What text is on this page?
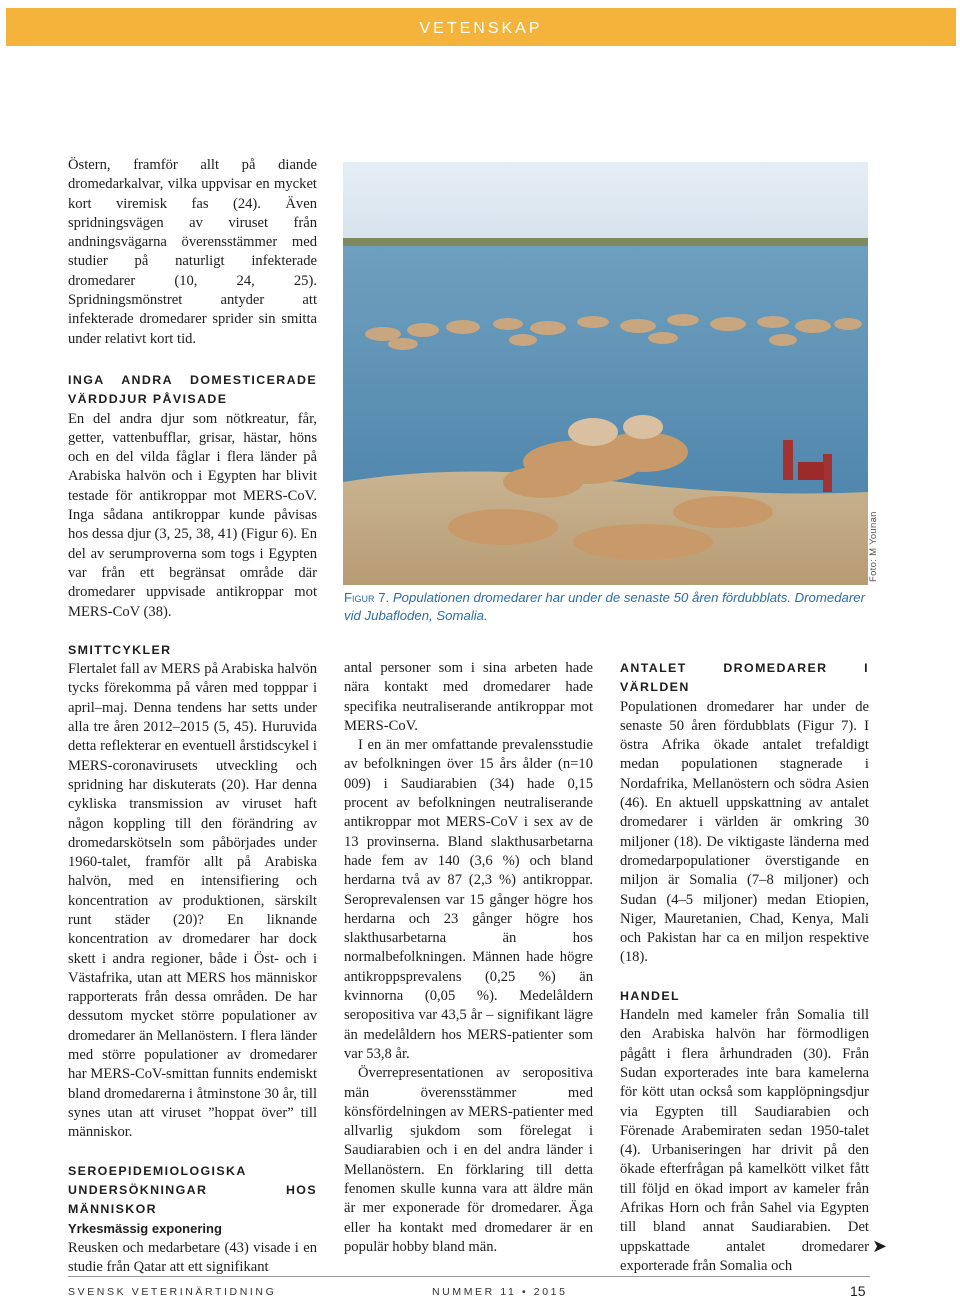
VETENSKAP

Östern, framför allt på diande dromedarkalvar, vilka uppvisar en mycket kort viremisk fas (24). Även spridningsvägen av viruset från andningsvägarna överensstämmer med studier på naturligt infekterade dromedarer (10, 24, 25). Spridningsmönstret antyder att infekterade dromedarer sprider sin smitta under relativt kort tid.

INGA ANDRA DOMESTICERADE VÄRDDJUR PÅVISADE

En del andra djur som nötkreatur, får, getter, vattenbufflar, grisar, hästar, höns och en del vilda fåglar i flera länder på Arabiska halvön och i Egypten har blivit testade för antikroppar mot MERS-CoV. Inga sådana antikroppar kunde påvisas hos dessa djur (3, 25, 38, 41) (Figur 6). En del av serumproverna som togs i Egypten var från ett begränsat område där dromedarer uppvisade antikroppar mot MERS-CoV (38).

SMITTCYKLER

Flertalet fall av MERS på Arabiska halvön tycks förekomma på våren med topppar i april–maj. Denna tendens har setts under alla tre åren 2012–2015 (5, 45). Huruvida detta reflekterar en eventuell årstidscykel i MERS-coronavirusets utveckling och spridning har diskuterats (20). Har denna cykliska transmission av viruset haft någon koppling till den förändring av dromedarskötseln som påbörjades under 1960-talet, framför allt på Arabiska halvön, med en intensifiering och koncentration av produktionen, särskilt runt städer (20)? En liknande koncentration av dromedarer har dock skett i andra regioner, både i Öst- och i Västafrika, utan att MERS hos människor rapporterats från dessa områden. De har dessutom mycket större populationer av dromedarer än Mellanöstern. I flera länder med större populationer av dromedarer har MERS-CoV-smittan funnits endemiskt bland dromedarerna i åtminstone 30 år, till synes utan att viruset ”hoppat över” till människor.

SEROEPIDEMIOLOGISKA UNDERSÖKNINGAR HOS MÄNNISKOR
Yrkesmässig exponering

Reusken och medarbetare (43) visade i en studie från Qatar att ett signifikant

Foto: M Younan
Figur 7. Populationen dromedarer har under de senaste 50 åren fördubblats. Dromedarer vid Jubafloden, Somalia.

antal personer som i sina arbeten hade nära kontakt med dromedarer hade specifika neutraliserande antikroppar mot MERS-CoV.

I en än mer omfattande prevalensstudie av befolkningen över 15 års ålder (n=10 009) i Saudiarabien (34) hade 0,15 procent av befolkningen neutraliserande antikroppar mot MERS-CoV i sex av de 13 provinserna. Bland slakthusarbetarna hade fem av 140 (3,6 %) och bland herdarna två av 87 (2,3 %) antikroppar. Seroprevalensen var 15 gånger högre hos herdarna och 23 gånger högre hos slakthusarbetarna än hos normalbefolkningen. Männen hade högre antikroppsprevalens (0,25 %) än kvinnorna (0,05 %). Medelåldern seropositiva var 43,5 år – signifikant lägre än medelåldern hos MERS-patienter som var 53,8 år.

Överrepresentationen av seropositiva män överensstämmer med könsfördelningen av MERS-patienter med allvarlig sjukdom som förelegat i Saudiarabien och i en del andra länder i Mellanöstern. En förklaring till detta fenomen skulle kunna vara att äldre män är mer exponerade för dromedarer. Äga eller ha kontakt med dromedarer är en populär hobby bland män.

ANTALET DROMEDARER I VÄRLDEN

Populationen dromedarer har under de senaste 50 åren fördubblats (Figur 7). I östra Afrika ökade antalet trefaldigt medan populationen stagnerade i Nordafrika, Mellanöstern och södra Asien (46). En aktuell uppskattning av antalet dromedarer i världen är omkring 30 miljoner (18). De viktigaste länderna med dromedarpopulationer överstigande en miljon är Somalia (7–8 miljoner) och Sudan (4–5 miljoner) medan Etiopien, Niger, Mauretanien, Chad, Kenya, Mali och Pakistan har ca en miljon respektive (18).

HANDEL

Handeln med kameler från Somalia till den Arabiska halvön har förmodligen pågått i flera århundraden (30). Från Sudan exporterades inte bara kamelerna för kött utan också som kapplöpningsdjur via Egypten till Saudiarabien och Förenade Arabemiraten sedan 1950-talet (4). Urbaniseringen har drivit på den ökade efterfrågan på kamelkött vilket fått till följd en ökad import av kameler från Afrikas Horn och från Sahel via Egypten till bland annat Saudiarabien. Det uppskattade antalet dromedarer exporterade från Somalia och

➤
SVENSK VETERINÄRTIDNING	NUMMER 11 • 2015	15
